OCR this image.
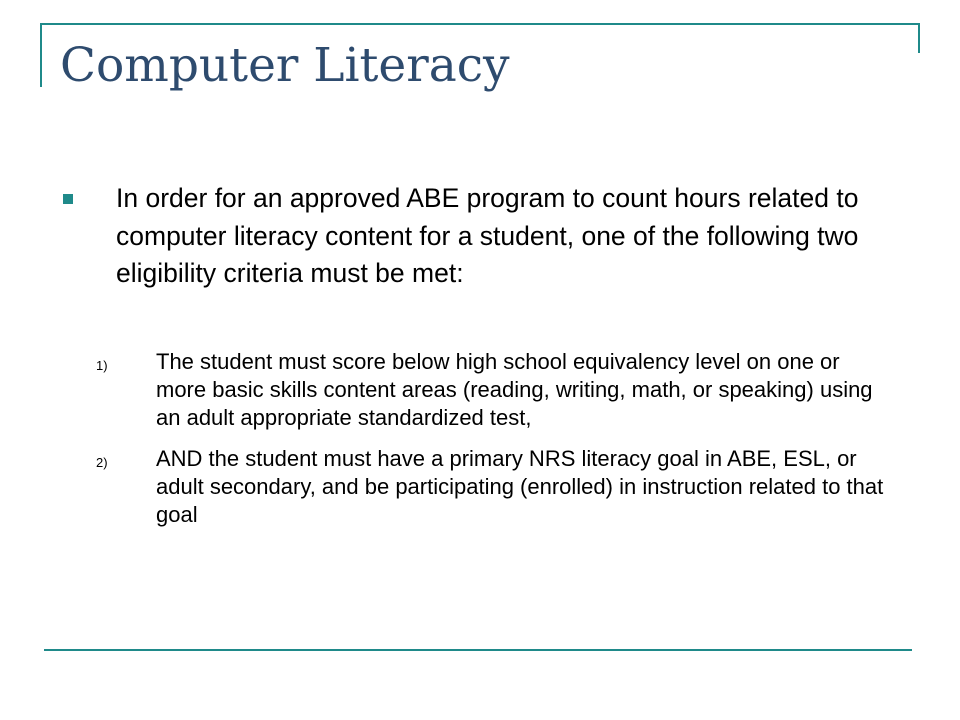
Computer Literacy

In order for an approved ABE program to count hours related to computer literacy content for a student, one of the following two eligibility criteria must be met:

1) The student must score below high school equivalency level on one or more basic skills content areas (reading, writing, math, or speaking) using an adult appropriate standardized test,

2) AND the student must have a primary NRS literacy goal in ABE, ESL, or adult secondary, and be participating (enrolled) in instruction related to that goal
